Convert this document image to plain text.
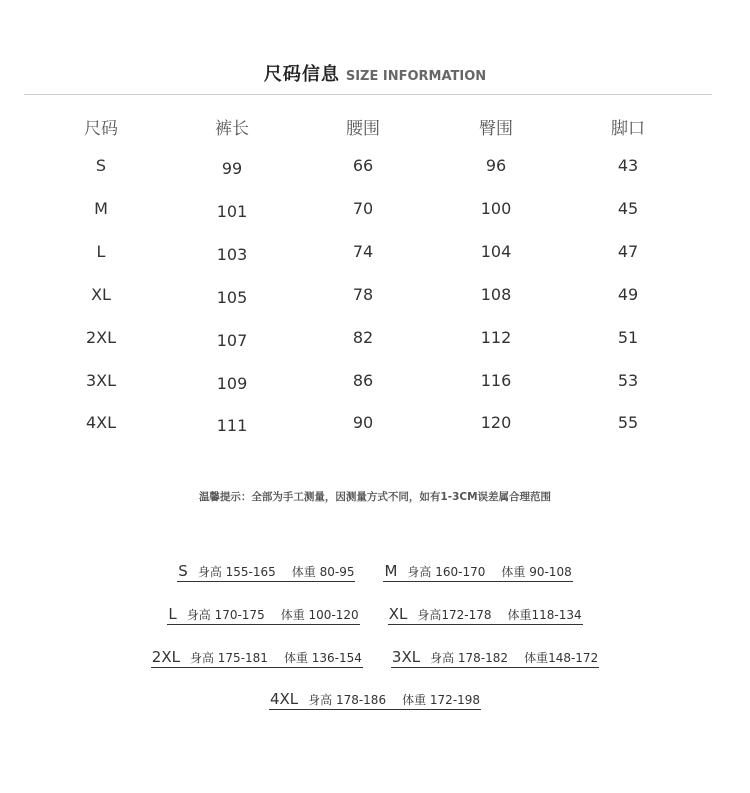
尺码信息 SIZE INFORMATION
尺码	裤长	腰围	臀围	脚口
S	99	66	96	43
M	101	70	100	45
L	103	74	104	47
XL	105	78	108	49
2XL	107	82	112	51
3XL	109	86	116	53
4XL	111	90	120	55
温馨提示：全部为手工测量，因测量方式不同，如有1-3CM误差属合理范围
S 身高 155-165 体重 80-95 M 身高 160-170 体重 90-108
L 身高 170-175 体重 100-120 XL 身高172-178 体重118-134
2XL 身高 175-181 体重 136-154 3XL 身高 178-182 体重148-172
4XL 身高 178-186 体重 172-198
